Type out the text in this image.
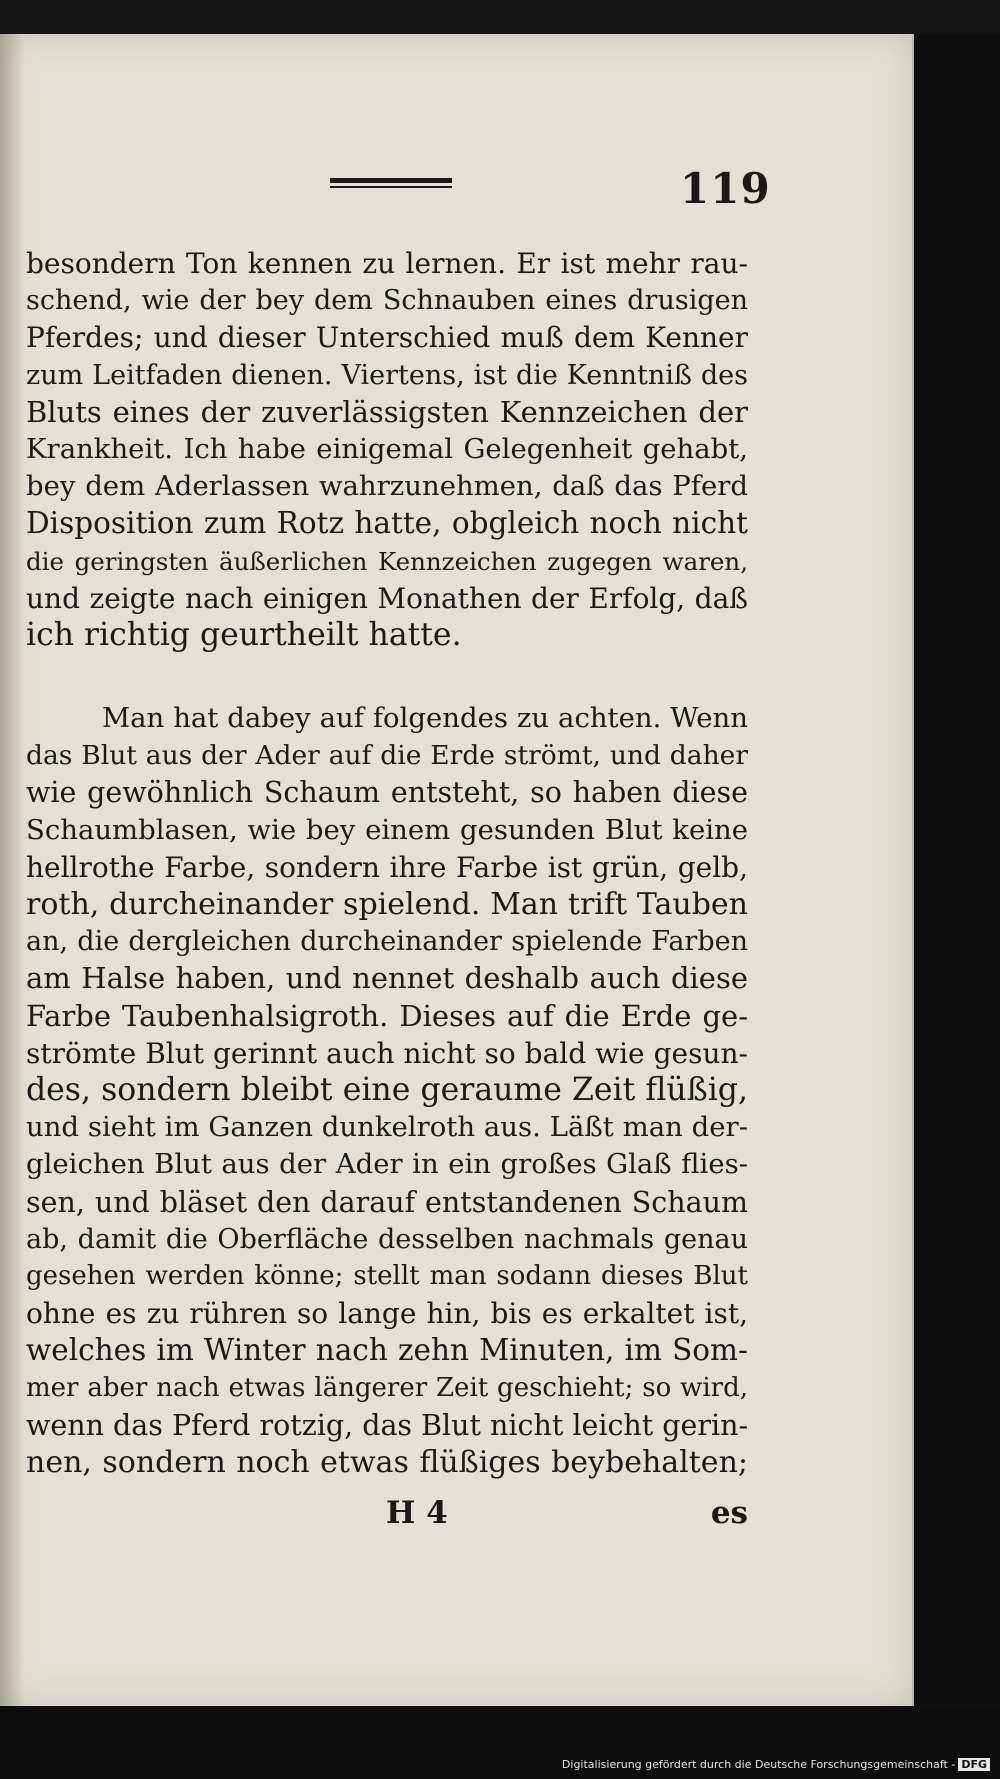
119
besondern Ton kennen zu lernen. Er ist mehr rau-
schend, wie der bey dem Schnauben eines drusigen
Pferdes; und dieser Unterschied muß dem Kenner
zum Leitfaden dienen. Viertens, ist die Kenntniß des
Bluts eines der zuverlässigsten Kennzeichen der
Krankheit. Ich habe einigemal Gelegenheit gehabt,
bey dem Aderlassen wahrzunehmen, daß das Pferd
Disposition zum Rotz hatte, obgleich noch nicht
die geringsten äußerlichen Kennzeichen zugegen waren,
und zeigte nach einigen Monathen der Erfolg, daß
ich richtig geurtheilt hatte.
Man hat dabey auf folgendes zu achten. Wenn
das Blut aus der Ader auf die Erde strömt, und daher
wie gewöhnlich Schaum entsteht, so haben diese
Schaumblasen, wie bey einem gesunden Blut keine
hellrothe Farbe, sondern ihre Farbe ist grün, gelb,
roth, durcheinander spielend. Man trift Tauben
an, die dergleichen durcheinander spielende Farben
am Halse haben, und nennet deshalb auch diese
Farbe Taubenhalsigroth. Dieses auf die Erde ge-
strömte Blut gerinnt auch nicht so bald wie gesun-
des, sondern bleibt eine geraume Zeit flüßig,
und sieht im Ganzen dunkelroth aus. Läßt man der-
gleichen Blut aus der Ader in ein großes Glaß flies-
sen, und bläset den darauf entstandenen Schaum
ab, damit die Oberfläche desselben nachmals genau
gesehen werden könne; stellt man sodann dieses Blut
ohne es zu rühren so lange hin, bis es erkaltet ist,
welches im Winter nach zehn Minuten, im Som-
mer aber nach etwas längerer Zeit geschieht; so wird,
wenn das Pferd rotzig, das Blut nicht leicht gerin-
nen, sondern noch etwas flüßiges beybehalten;
H 4	es
Digitalisierung gefördert durch die Deutsche Forschungsgemeinschaft - DFG
